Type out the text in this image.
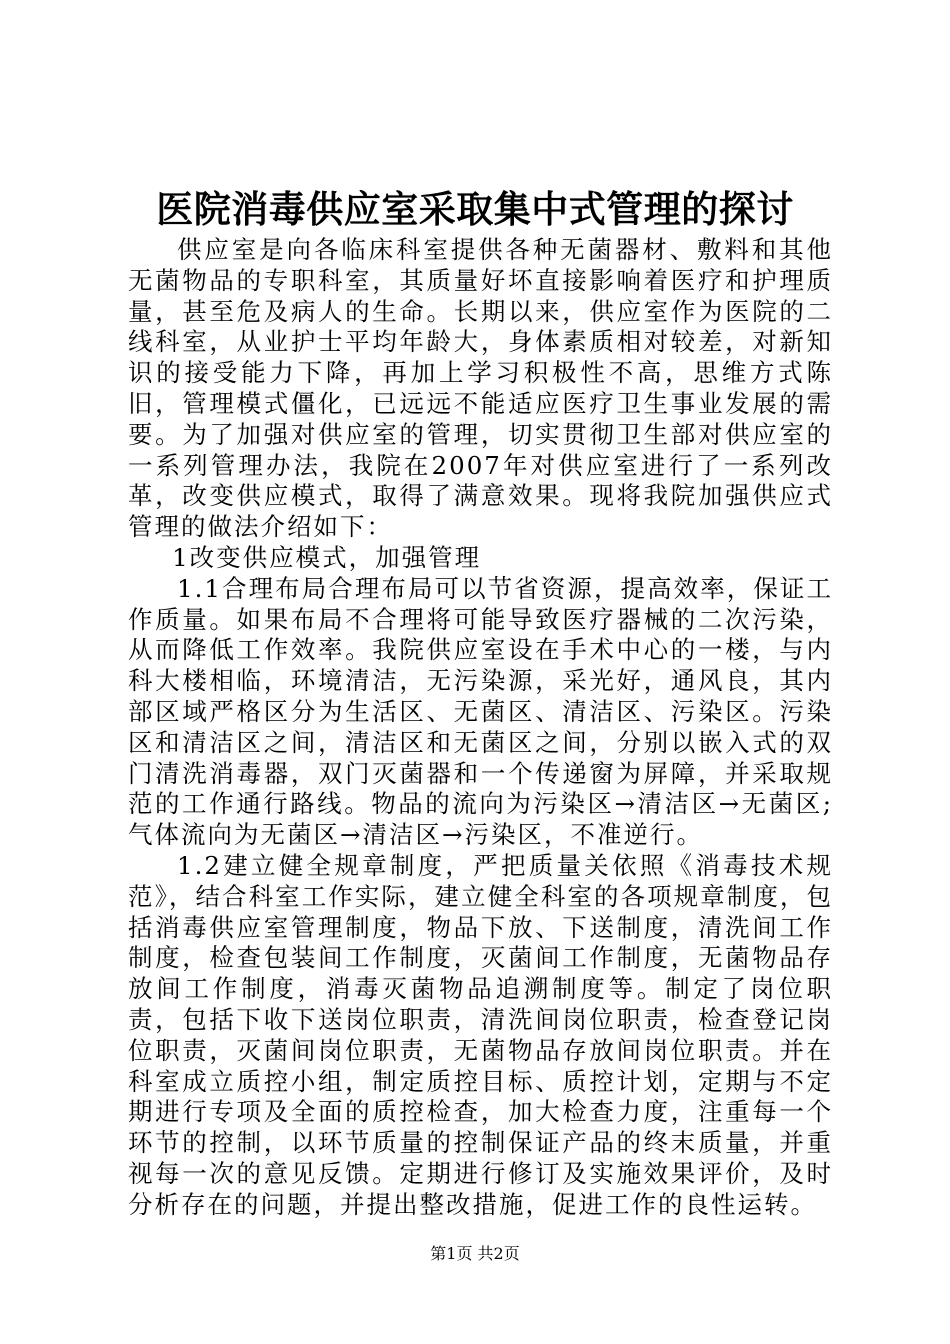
医院消毒供应室采取集中式管理的探讨

供应室是向各临床科室提供各种无菌器材、敷料和其他无菌物品的专职科室，其质量好坏直接影响着医疗和护理质量，甚至危及病人的生命。长期以来，供应室作为医院的二线科室，从业护士平均年龄大，身体素质相对较差，对新知识的接受能力下降，再加上学习积极性不高，思维方式陈旧，管理模式僵化，已远远不能适应医疗卫生事业发展的需要。为了加强对供应室的管理，切实贯彻卫生部对供应室的一系列管理办法，我院在2007年对供应室进行了一系列改革，改变供应模式，取得了满意效果。现将我院加强供应式管理的做法介绍如下：

1改变供应模式，加强管理

1.1合理布局合理布局可以节省资源，提高效率，保证工作质量。如果布局不合理将可能导致医疗器械的二次污染，从而降低工作效率。我院供应室设在手术中心的一楼，与内科大楼相临，环境清洁，无污染源，采光好，通风良，其内部区域严格区分为生活区、无菌区、清洁区、污染区。污染区和清洁区之间，清洁区和无菌区之间，分别以嵌入式的双门清洗消毒器，双门灭菌器和一个传递窗为屏障，并采取规范的工作通行路线。物品的流向为污染区→清洁区→无菌区;气体流向为无菌区→清洁区→污染区，不准逆行。

1.2建立健全规章制度，严把质量关依照《消毒技术规范》，结合科室工作实际，建立健全科室的各项规章制度，包括消毒供应室管理制度，物品下放、下送制度，清洗间工作制度，检查包装间工作制度，灭菌间工作制度，无菌物品存放间工作制度，消毒灭菌物品追溯制度等。制定了岗位职责，包括下收下送岗位职责，清洗间岗位职责，检查登记岗位职责，灭菌间岗位职责，无菌物品存放间岗位职责。并在科室成立质控小组，制定质控目标、质控计划，定期与不定期进行专项及全面的质控检查，加大检查力度，注重每一个环节的控制，以环节质量的控制保证产品的终末质量，并重视每一次的意见反馈。定期进行修订及实施效果评价，及时分析存在的问题，并提出整改措施，促进工作的良性运转。

第1页 共2页
